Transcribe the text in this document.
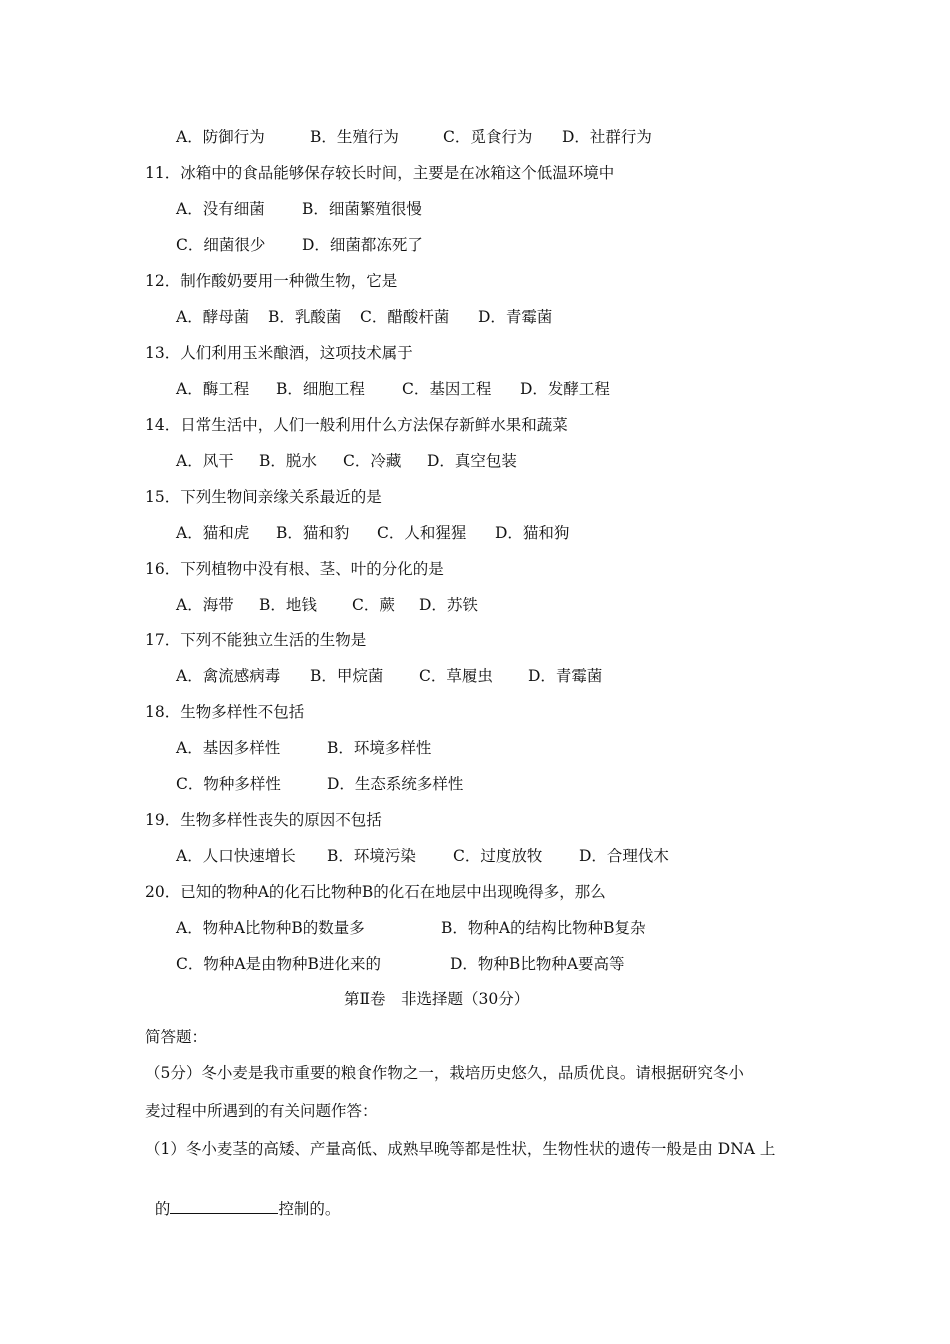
A．防御行为	B．生殖行为	C．觅食行为 D．社群行为
11．冰箱中的食品能够保存较长时间，主要是在冰箱这个低温环境中
A．没有细菌 B．细菌繁殖很慢
C．细菌很少 D．细菌都冻死了
12．制作酸奶要用一种微生物，它是
A．酵母菌 B．乳酸菌 C．醋酸杆菌 D．青霉菌
13．人们利用玉米酿酒，这项技术属于
A．酶工程 B．细胞工程 C．基因工程 D．发酵工程
14．日常生活中，人们一般利用什么方法保存新鲜水果和蔬菜
A．风干 B．脱水 C．冷藏 D．真空包装
15．下列生物间亲缘关系最近的是
A．猫和虎 B．猫和豹 C．人和猩猩 D．猫和狗
16．下列植物中没有根、茎、叶的分化的是
A．海带 B．地钱 C．蕨 D．苏铁
17．下列不能独立生活的生物是
A．禽流感病毒 B．甲烷菌 C．草履虫 D．青霉菌
18．生物多样性不包括
A．基因多样性	B．环境多样性
C．物种多样性	D．生态系统多样性
19．生物多样性丧失的原因不包括
A．人口快速增长 B．环境污染 C．过度放牧 D．合理伐木
20．已知的物种A的化石比物种B的化石在地层中出现晚得多，那么
A．物种A比物种B的数量多	B．物种A的结构比物种B复杂
C．物种A是由物种B进化来的	D．物种B比物种A要高等
第Ⅱ卷　非选择题（30分）
简答题：
（5分）冬小麦是我市重要的粮食作物之一，栽培历史悠久，品质优良。请根据研究冬小
麦过程中所遇到的有关问题作答：
（1）冬小麦茎的高矮、产量高低、成熟早晚等都是性状，生物性状的遗传一般是由 DNA 上

的	控制的。
